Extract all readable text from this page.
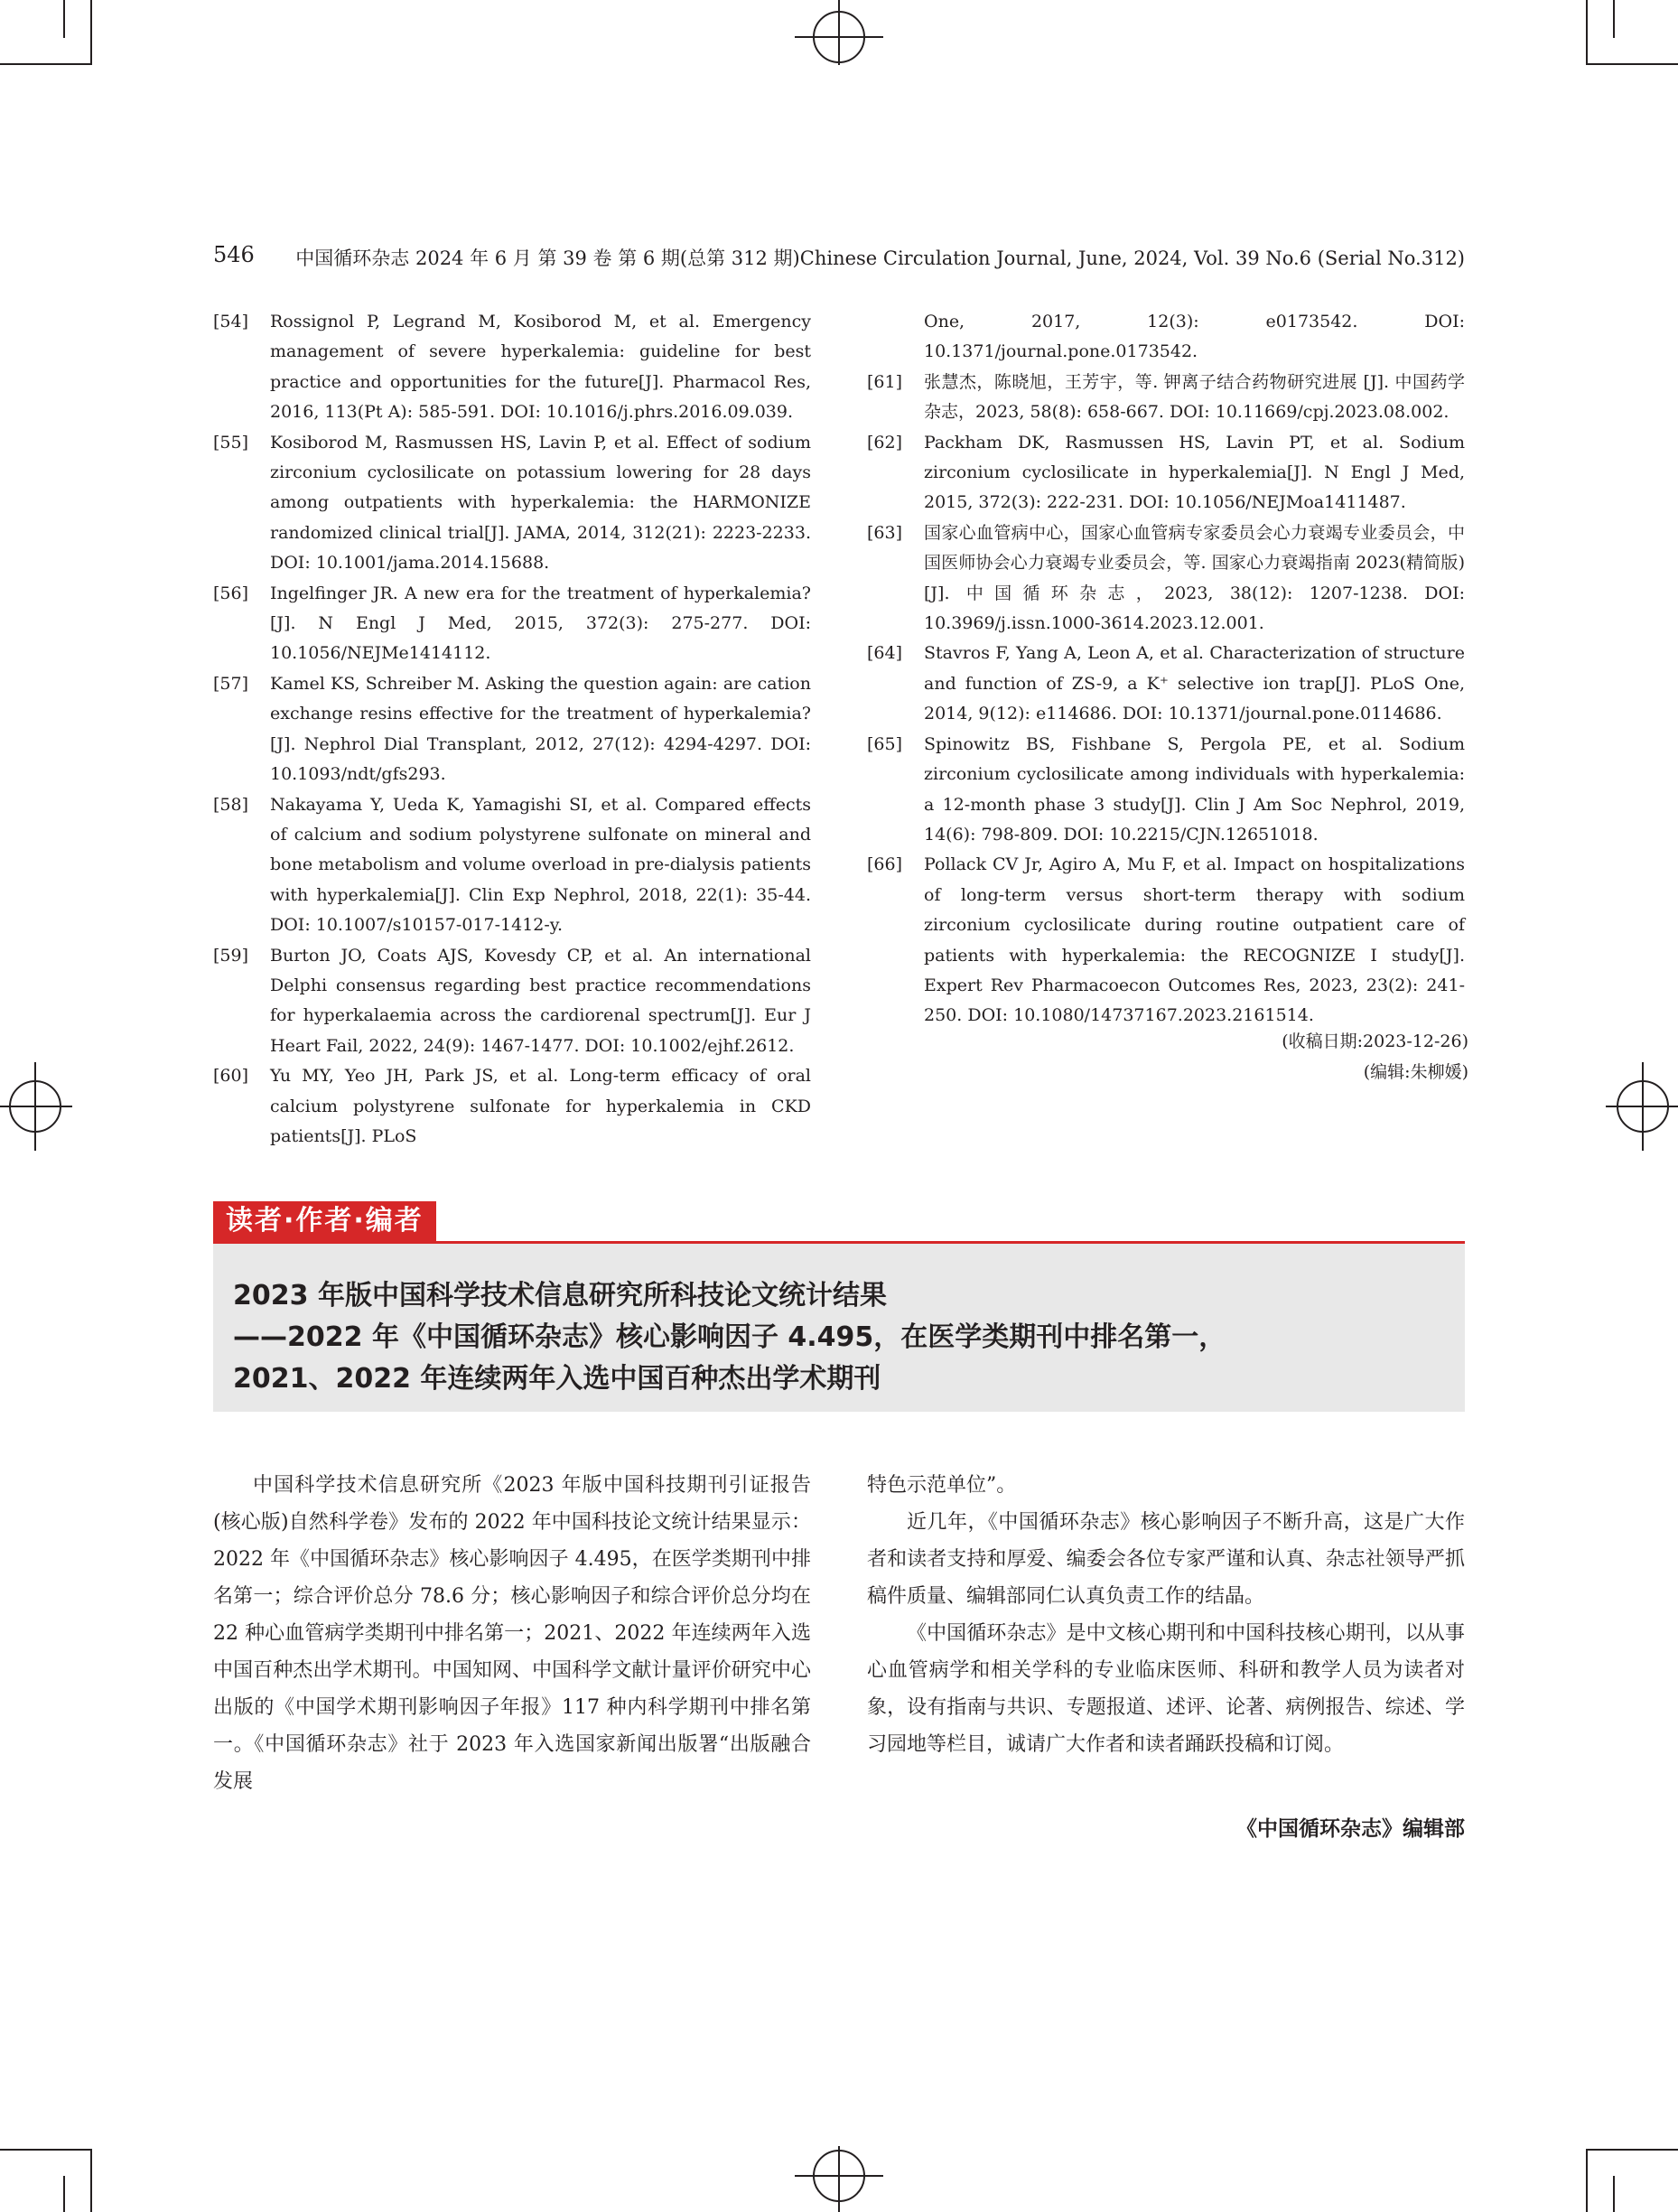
546 中国循环杂志 2024 年 6 月 第 39 卷 第 6 期(总第 312 期)Chinese Circulation Journal, June, 2024, Vol. 39 No.6 (Serial No.312)
[54]	Rossignol P, Legrand M, Kosiborod M, et al. Emergency management of severe hyperkalemia: guideline for best practice and opportunities for the future[J]. Pharmacol Res, 2016, 113(Pt A): 585-591. DOI: 10.1016/j.phrs.2016.09.039.
[55]	Kosiborod M, Rasmussen HS, Lavin P, et al. Effect of sodium zirconium cyclosilicate on potassium lowering for 28 days among outpatients with hyperkalemia: the HARMONIZE randomized clinical trial[J]. JAMA, 2014, 312(21): 2223-2233. DOI: 10.1001/jama.2014.15688.
[56]	Ingelfinger JR. A new era for the treatment of hyperkalemia?[J]. N Engl J Med, 2015, 372(3): 275-277. DOI: 10.1056/NEJMe1414112.
[57]	Kamel KS, Schreiber M. Asking the question again: are cation exchange resins effective for the treatment of hyperkalemia?[J]. Nephrol Dial Transplant, 2012, 27(12): 4294-4297. DOI: 10.1093/ndt/gfs293.
[58]	Nakayama Y, Ueda K, Yamagishi SI, et al. Compared effects of calcium and sodium polystyrene sulfonate on mineral and bone metabolism and volume overload in pre-dialysis patients with hyperkalemia[J]. Clin Exp Nephrol, 2018, 22(1): 35-44. DOI: 10.1007/s10157-017-1412-y.
[59]	Burton JO, Coats AJS, Kovesdy CP, et al. An international Delphi consensus regarding best practice recommendations for hyperkalaemia across the cardiorenal spectrum[J]. Eur J Heart Fail, 2022, 24(9): 1467-1477. DOI: 10.1002/ejhf.2612.
[60]	Yu MY, Yeo JH, Park JS, et al. Long-term efficacy of oral calcium polystyrene sulfonate for hyperkalemia in CKD patients[J]. PLoS
One, 2017, 12(3): e0173542. DOI: 10.1371/journal.pone.0173542.
[61]	张慧杰，陈晓旭，王芳宇，等. 钾离子结合药物研究进展 [J]. 中国药学杂志，2023, 58(8): 658-667. DOI: 10.11669/cpj.2023.08.002.
[62]	Packham DK, Rasmussen HS, Lavin PT, et al. Sodium zirconium cyclosilicate in hyperkalemia[J]. N Engl J Med, 2015, 372(3): 222-231. DOI: 10.1056/NEJMoa1411487.
[63]	国家心血管病中心，国家心血管病专家委员会心力衰竭专业委员会，中国医师协会心力衰竭专业委员会，等. 国家心力衰竭指南 2023(精简版)[J]. 中国循环杂志，2023, 38(12): 1207-1238. DOI: 10.3969/j.issn.1000-3614.2023.12.001.
[64]	Stavros F, Yang A, Leon A, et al. Characterization of structure and function of ZS-9, a K⁺ selective ion trap[J]. PLoS One, 2014, 9(12): e114686. DOI: 10.1371/journal.pone.0114686.
[65]	Spinowitz BS, Fishbane S, Pergola PE, et al. Sodium zirconium cyclosilicate among individuals with hyperkalemia: a 12-month phase 3 study[J]. Clin J Am Soc Nephrol, 2019, 14(6): 798-809. DOI: 10.2215/CJN.12651018.
[66]	Pollack CV Jr, Agiro A, Mu F, et al. Impact on hospitalizations of long-term versus short-term therapy with sodium zirconium cyclosilicate during routine outpatient care of patients with hyperkalemia: the RECOGNIZE I study[J]. Expert Rev Pharmacoecon Outcomes Res, 2023, 23(2): 241-250. DOI: 10.1080/14737167.2023.2161514.
(收稿日期:2023-12-26)
(编辑:朱柳媛)
读者·作者·编者
2023 年版中国科学技术信息研究所科技论文统计结果
——2022 年《中国循环杂志》核心影响因子 4.495，在医学类期刊中排名第一，
2021、2022 年连续两年入选中国百种杰出学术期刊

中国科学技术信息研究所《2023 年版中国科技期刊引证报告(核心版)自然科学卷》发布的 2022 年中国科技论文统计结果显示：2022 年《中国循环杂志》核心影响因子 4.495，在医学类期刊中排名第一；综合评价总分 78.6 分；核心影响因子和综合评价总分均在 22 种心血管病学类期刊中排名第一；2021、2022 年连续两年入选中国百种杰出学术期刊。中国知网、中国科学文献计量评价研究中心出版的《中国学术期刊影响因子年报》117 种内科学期刊中排名第一。《中国循环杂志》社于 2023 年入选国家新闻出版署“出版融合发展

特色示范单位”。

近几年，《中国循环杂志》核心影响因子不断升高，这是广大作者和读者支持和厚爱、编委会各位专家严谨和认真、杂志社领导严抓稿件质量、编辑部同仁认真负责工作的结晶。

《中国循环杂志》是中文核心期刊和中国科技核心期刊，以从事心血管病学和相关学科的专业临床医师、科研和教学人员为读者对象，设有指南与共识、专题报道、述评、论著、病例报告、综述、学习园地等栏目，诚请广大作者和读者踊跃投稿和订阅。

《中国循环杂志》编辑部
